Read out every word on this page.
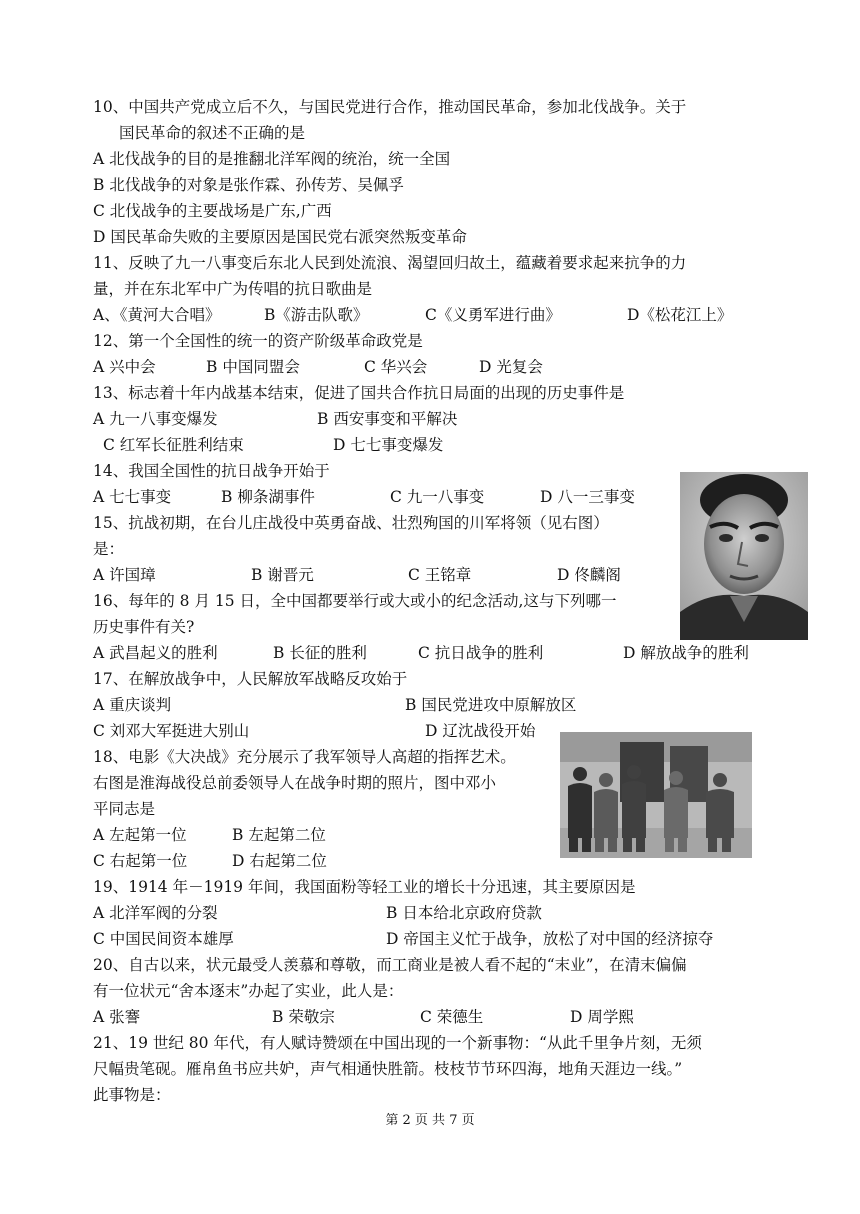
10、中国共产党成立后不久，与国民党进行合作，推动国民革命，参加北伐战争。关于
国民革命的叙述不正确的是
A 北伐战争的目的是推翻北洋军阀的统治，统一全国
B 北伐战争的对象是张作霖、孙传芳、吴佩孚
C 北伐战争的主要战场是广东,广西
D 国民革命失败的主要原因是国民党右派突然叛变革命
11、反映了九一八事变后东北人民到处流浪、渴望回归故土，蕴藏着要求起来抗争的力
量，并在东北军中广为传唱的抗日歌曲是
A、《黄河大合唱》	B《游击队歌》	C《义勇军进行曲》	D《松花江上》
12、第一个全国性的统一的资产阶级革命政党是
A 兴中会	B 中国同盟会	C 华兴会	D 光复会
13、标志着十年内战基本结束，促进了国共合作抗日局面的出现的历史事件是
A 九一八事变爆发	B 西安事变和平解决
C 红军长征胜利结束	D 七七事变爆发
14、我国全国性的抗日战争开始于
A 七七事变	B 柳条湖事件	C 九一八事变	D 八一三事变
15、抗战初期，在台儿庄战役中英勇奋战、壮烈殉国的川军将领（见右图）
是：
A 许国璋	B 谢晋元	C 王铭章	D 佟麟阁
16、每年的 8 月 15 日，全中国都要举行或大或小的纪念活动,这与下列哪一
历史事件有关?
A 武昌起义的胜利	B 长征的胜利	C 抗日战争的胜利	D 解放战争的胜利
17、在解放战争中，人民解放军战略反攻始于
A 重庆谈判	B 国民党进攻中原解放区
C 刘邓大军挺进大别山	D 辽沈战役开始
18、电影《大决战》充分展示了我军领导人高超的指挥艺术。
右图是淮海战役总前委领导人在战争时期的照片，图中邓小
平同志是
A 左起第一位	B 左起第二位
C 右起第一位	D 右起第二位
19、1914 年－1919 年间，我国面粉等轻工业的增长十分迅速，其主要原因是
A 北洋军阀的分裂	B 日本给北京政府贷款
C 中国民间资本雄厚	D 帝国主义忙于战争，放松了对中国的经济掠夺
20、自古以来，状元最受人羡慕和尊敬，而工商业是被人看不起的“末业”，在清末偏偏
有一位状元“舍本逐末”办起了实业，此人是：
A 张謇	B 荣敬宗	C 荣德生	D 周学熙
21、19 世纪 80 年代，有人赋诗赞颂在中国出现的一个新事物：“从此千里争片刻，无须
尺幅贵笔砚。雁帛鱼书应共妒，声气相通快胜箭。枝枝节节环四海，地角天涯边一线。”
此事物是：
第 2 页 共 7 页
